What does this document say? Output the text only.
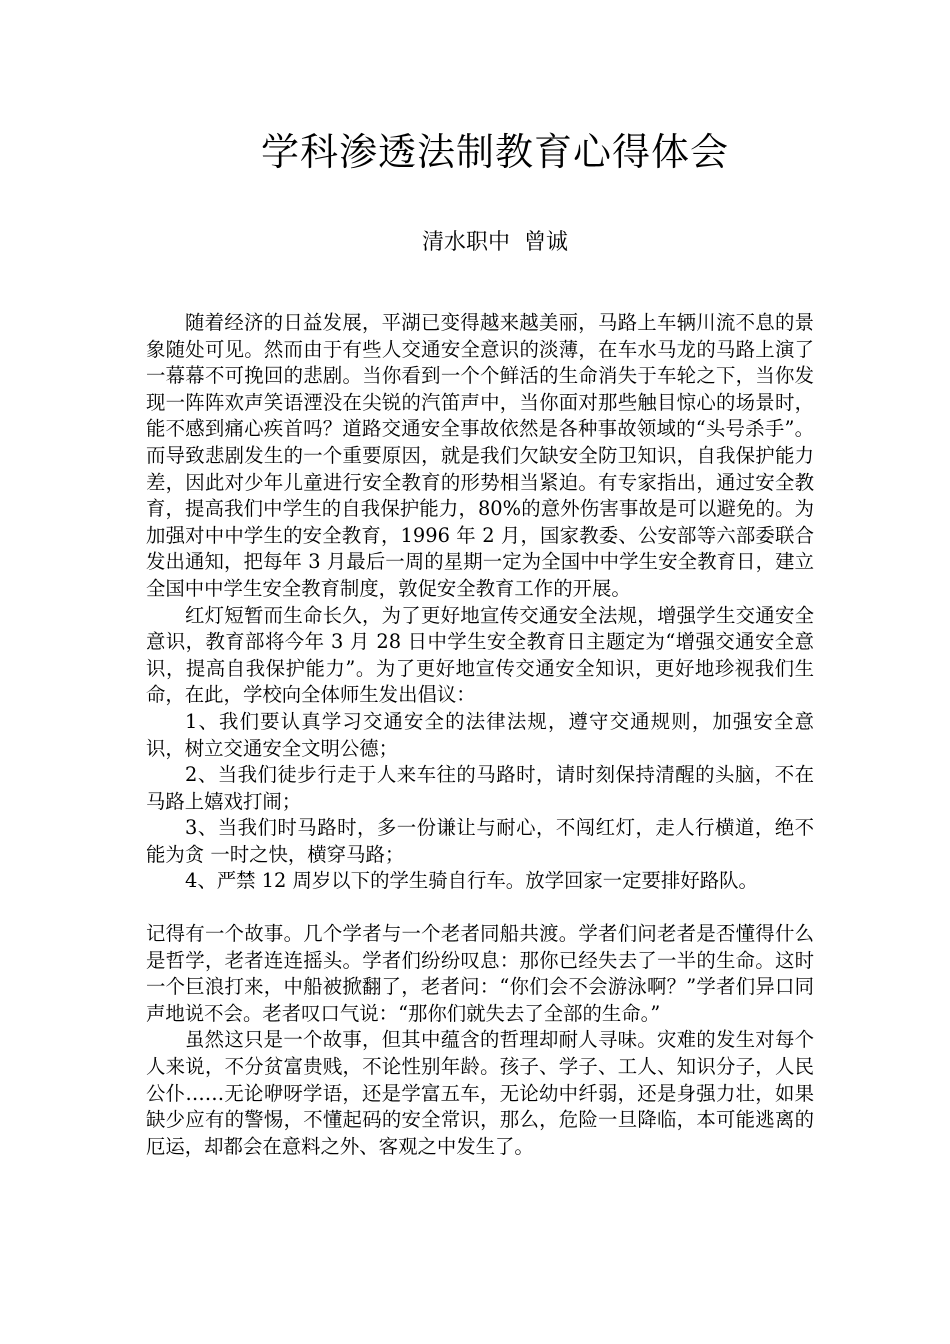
学科渗透法制教育心得体会
清水职中 曾诚

随着经济的日益发展，平湖已变得越来越美丽，马路上车辆川流不息的景象随处可见。然而由于有些人交通安全意识的淡薄，在车水马龙的马路上演了一幕幕不可挽回的悲剧。当你看到一个个鲜活的生命消失于车轮之下，当你发现一阵阵欢声笑语湮没在尖锐的汽笛声中，当你面对那些触目惊心的场景时，能不感到痛心疾首吗？道路交通安全事故依然是各种事故领域的“头号杀手”。而导致悲剧发生的一个重要原因，就是我们欠缺安全防卫知识，自我保护能力差，因此对少年儿童进行安全教育的形势相当紧迫。有专家指出，通过安全教育，提高我们中学生的自我保护能力，80%的意外伤害事故是可以避免的。为加强对中中学生的安全教育，1996 年 2 月，国家教委、公安部等六部委联合发出通知，把每年 3 月最后一周的星期一定为全国中中学生安全教育日，建立全国中中学生安全教育制度，敦促安全教育工作的开展。

红灯短暂而生命长久，为了更好地宣传交通安全法规，增强学生交通安全意识，教育部将今年 3 月 28 日中学生安全教育日主题定为“增强交通安全意识，提高自我保护能力”。为了更好地宣传交通安全知识，更好地珍视我们生命，在此，学校向全体师生发出倡议：

1、我们要认真学习交通安全的法律法规，遵守交通规则，加强安全意识，树立交通安全文明公德；

2、当我们徒步行走于人来车往的马路时，请时刻保持清醒的头脑，不在马路上嬉戏打闹；

3、当我们时马路时，多一份谦让与耐心，不闯红灯，走人行横道，绝不能为贪 一时之快，横穿马路；

4、严禁 12 周岁以下的学生骑自行车。放学回家一定要排好路队。

记得有一个故事。几个学者与一个老者同船共渡。学者们问老者是否懂得什么是哲学，老者连连摇头。学者们纷纷叹息：那你已经失去了一半的生命。这时一个巨浪打来，中船被掀翻了，老者问：“你们会不会游泳啊？”学者们异口同声地说不会。老者叹口气说：“那你们就失去了全部的生命。”

虽然这只是一个故事，但其中蕴含的哲理却耐人寻味。灾难的发生对每个人来说，不分贫富贵贱，不论性别年龄。孩子、学子、工人、知识分子，人民公仆……无论咿呀学语，还是学富五车，无论幼中纤弱，还是身强力壮，如果缺少应有的警惕，不懂起码的安全常识，那么，危险一旦降临，本可能逃离的厄运，却都会在意料之外、客观之中发生了。
